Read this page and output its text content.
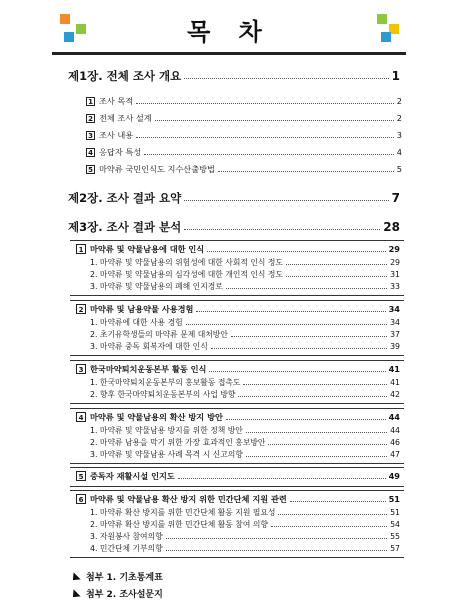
목 차
제1장. 전체 조사 개요	1
1 조사 목적	2
2 전체 조사 설계	2
3 조사 내용	3
4 응답자 특성	4
5 마약류 국민인식도 지수산출방법	5
제2장. 조사 결과 요약	7
제3장. 조사 결과 분석	28
1 마약류 및 약물남용에 대한 인식	29
1. 마약류 및 약물남용의 위험성에 대한 사회적 인식 정도	29
2. 마약류 및 약물남용의 심각성에 대한 개인적 인식 정도	31
3. 마약류 및 약물남용의 폐해 인지경로	33
2 마약류 및 남용약물 사용경험	34
1. 마약류에 대한 사용 경험	34
2. 초기유학생들의 마약류 문제 대처방안	37
3. 마약류 중독 회복자에 대한 인식	39
3 한국마약퇴치운동본부 활동 인식	41
1. 한국마약퇴치운동본부의 홍보활동 접촉도	41
2. 향후 한국마약퇴치운동본부의 사업 방향	42
4 마약류 및 약물남용의 확산 방지 방안	44
1. 마약류 및 약물남용 방지를 위한 정책 방안	44
2. 마약류 남용을 막기 위한 가장 효과적인 홍보방안	46
3. 마약류 및 약물남용 사례 목격 시 신고의향	47
5 중독자 재활시설 인지도	49
6 마약류 및 약물남용 확산 방지 위한 민간단체 지원 관련	51
1. 마약류 확산 방지를 위한 민간단체 활동 지원 필요성	51
2. 마약류 확산 방지를 위한 민간단체 활동 참여 의향	54
3. 자원봉사 참여의향	55
4. 민간단체 기부의향	57
첨부 1. 기초통계표
첨부 2. 조사설문지
